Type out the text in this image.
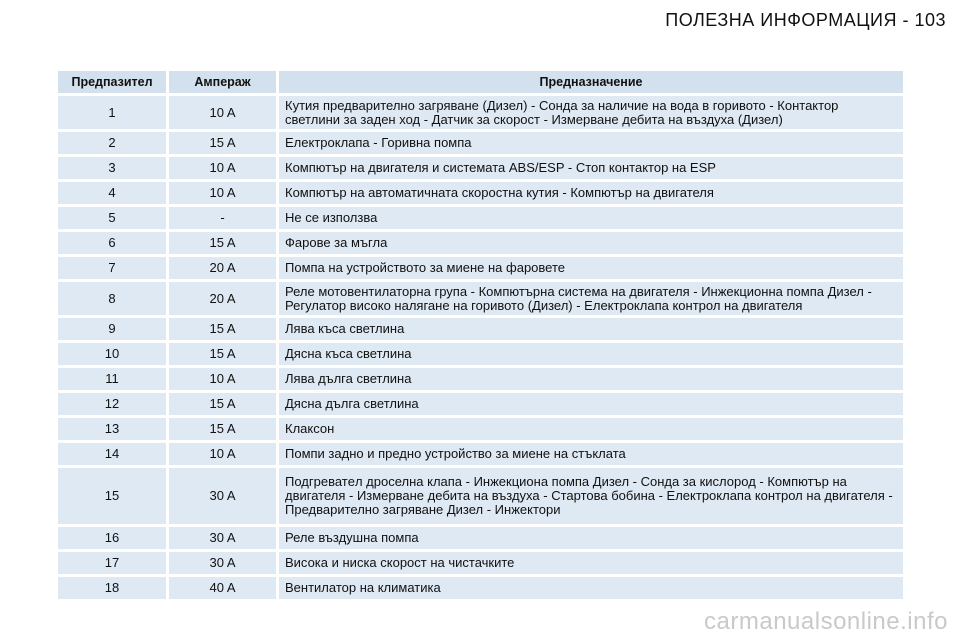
ПОЛЕЗНА ИНФОРМАЦИЯ - 103
Предпазител	Ампераж	Предназначение
1	10 A	Кутия предварително загряване (Дизел) - Сонда за наличие на вода в горивото - Контактор светлини за заден ход - Датчик за скорост - Измерване дебита на въздуха (Дизел)
2	15 A	Електроклапа - Горивна помпа
3	10 A	Компютър на двигателя и системата ABS/ESP - Стоп контактор на ESP
4	10 A	Компютър на автоматичната скоростна кутия - Компютър на двигателя
5	-	Не се използва
6	15 A	Фарове за мъгла
7	20 A	Помпа на устройството за миене на фаровете
8	20 A	Реле мотовентилаторна група - Компютърна система на двигателя - Инжекционна помпа Дизел - Регулатор високо налягане на горивото (Дизел) - Електроклапа контрол на двигателя
9	15 A	Лява къса светлина
10	15 A	Дясна къса светлина
11	10 A	Лява дълга светлина
12	15 A	Дясна дълга светлина
13	15 A	Клаксон
14	10 A	Помпи задно и предно устройство за миене на стъклата
15	30 A	Подгреватeл дроселна клапа - Инжекциона помпа Дизел - Сонда за кислород - Компютър на двигателя - Измерване дебита на въздуха - Стартова бобина - Електроклапа контрол на двигателя - Предварително загряване Дизел - Инжектори
16	30 A	Реле въздушна помпа
17	30 A	Висока и ниска скорост на чистачките
18	40 A	Вентилатор на климатика
carmanualsonline.info
